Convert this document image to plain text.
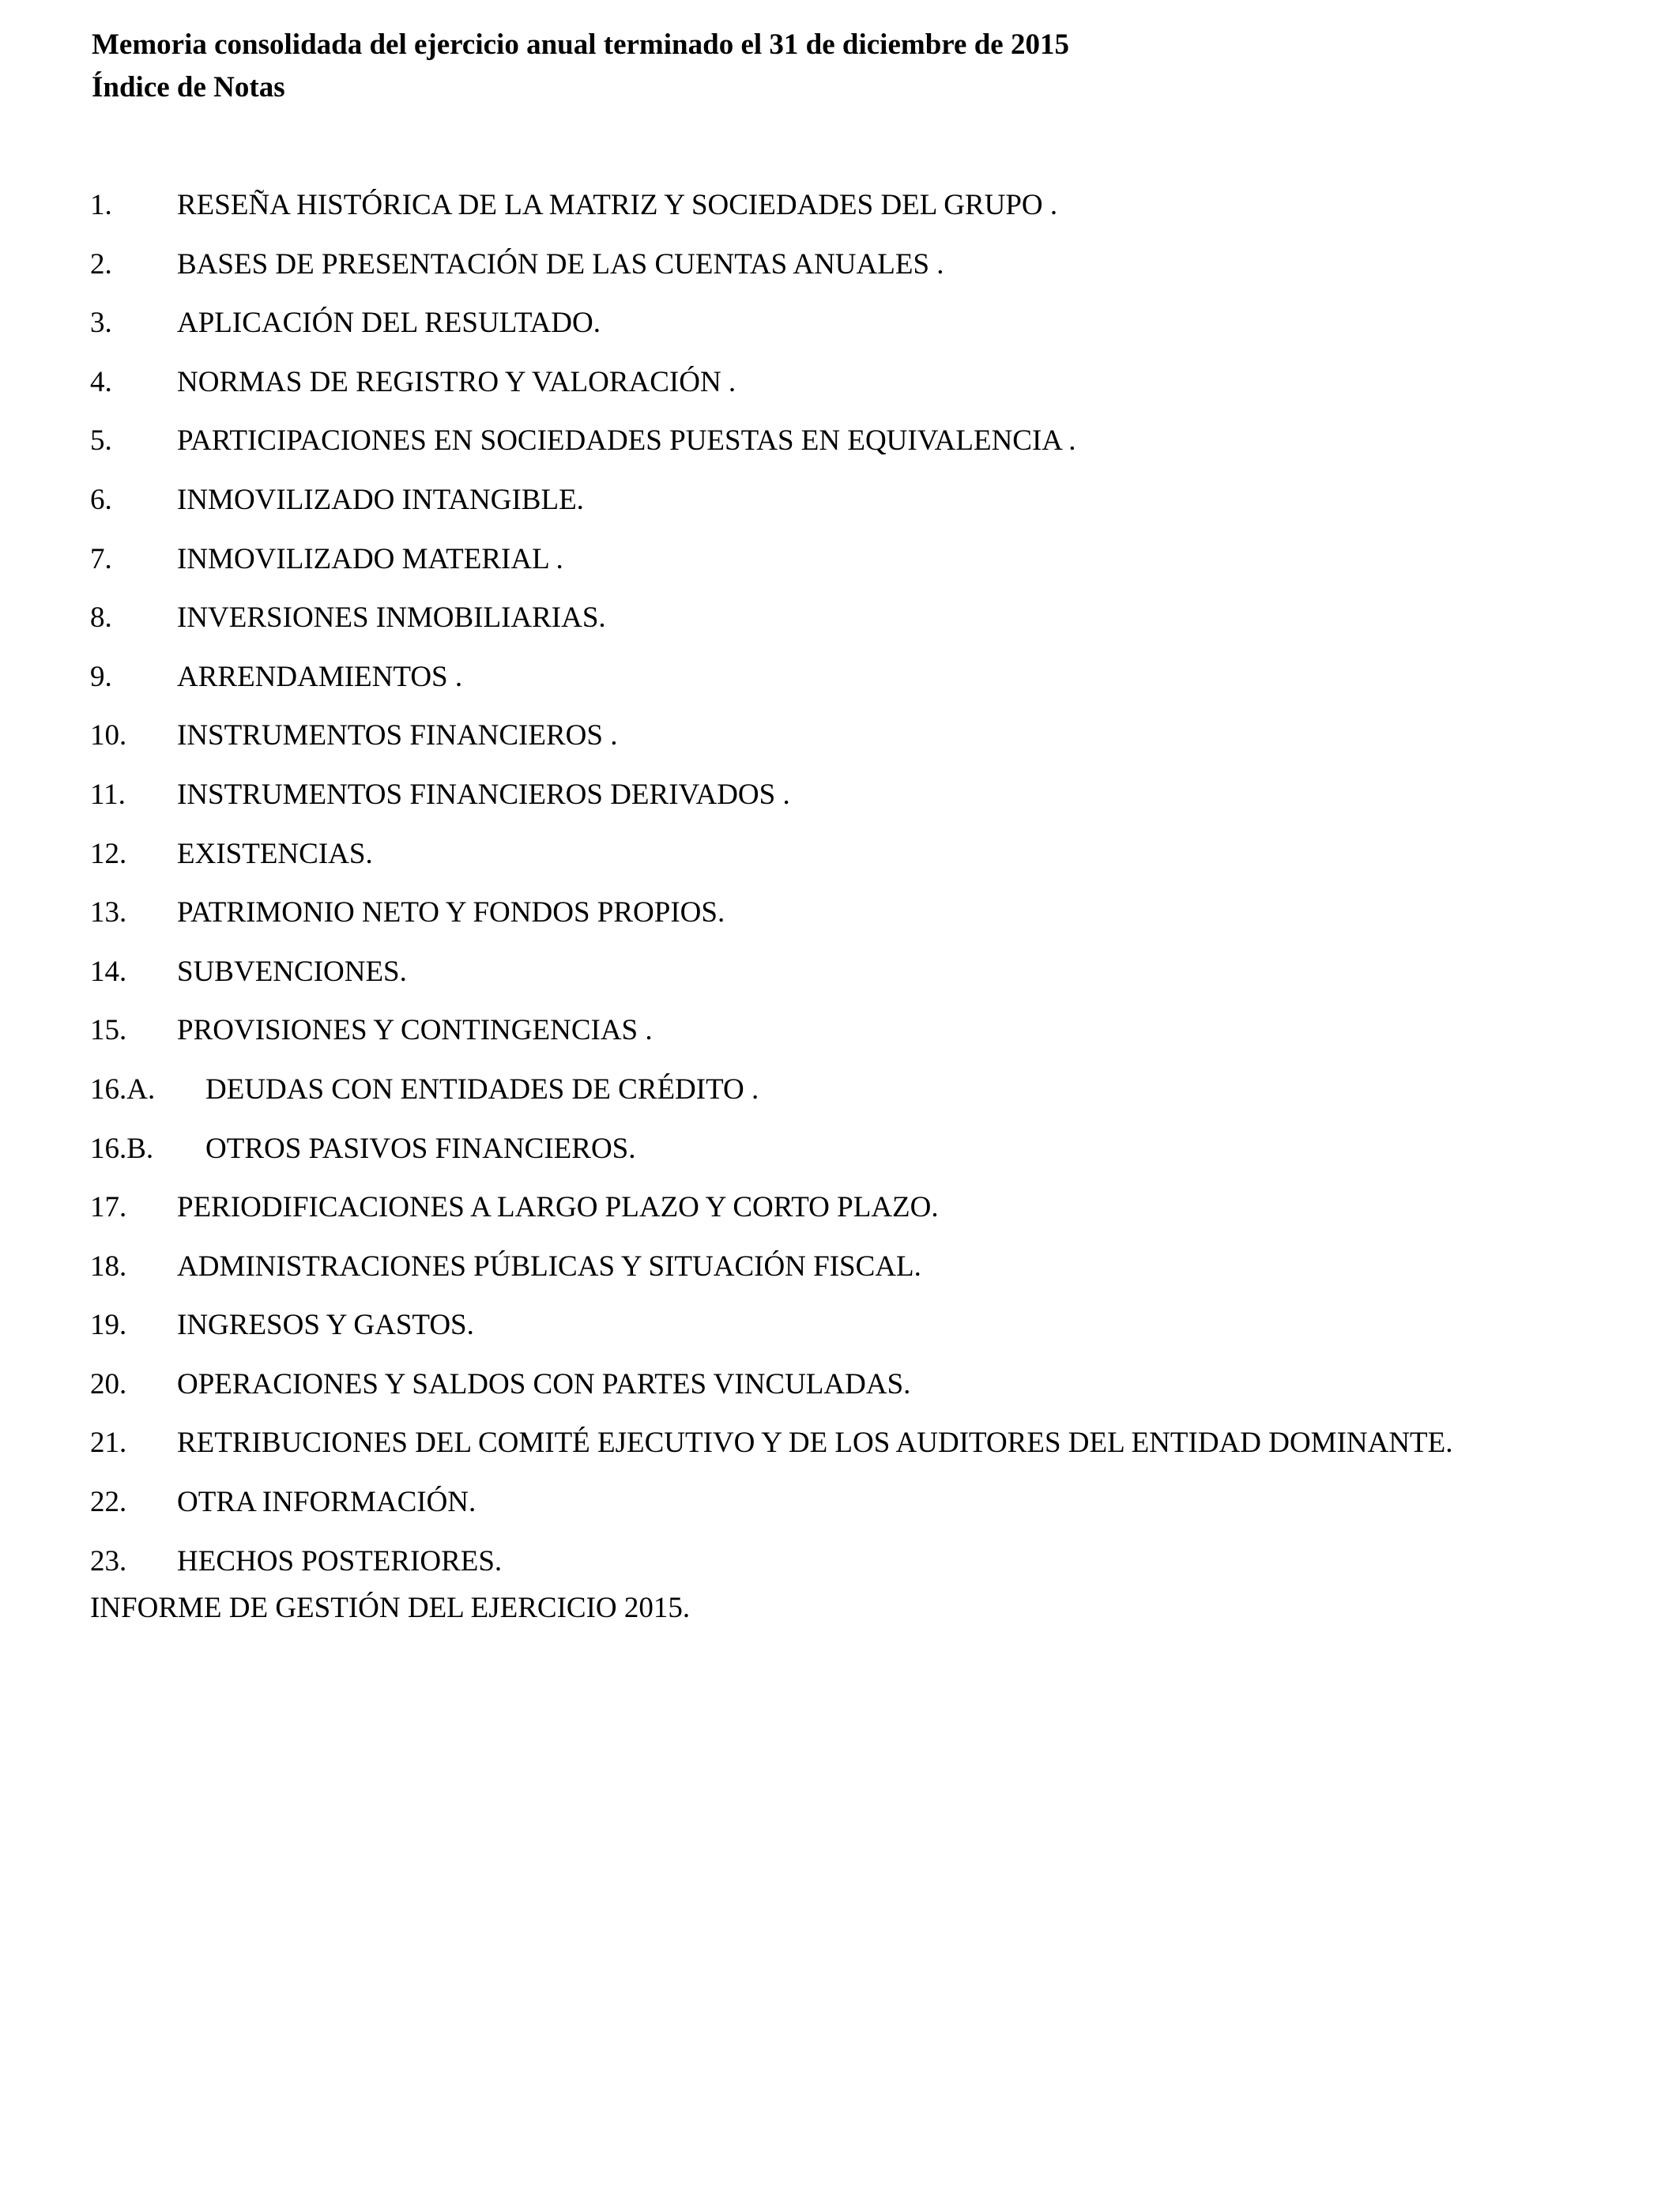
Memoria consolidada del ejercicio anual terminado el 31 de diciembre de 2015
Índice de Notas
1. RESEÑA HISTÓRICA DE LA MATRIZ Y SOCIEDADES DEL GRUPO .
2. BASES DE PRESENTACIÓN DE LAS CUENTAS ANUALES .
3. APLICACIÓN DEL RESULTADO.
4. NORMAS DE REGISTRO Y VALORACIÓN .
5. PARTICIPACIONES EN SOCIEDADES PUESTAS EN EQUIVALENCIA .
6. INMOVILIZADO INTANGIBLE.
7. INMOVILIZADO MATERIAL .
8. INVERSIONES INMOBILIARIAS.
9. ARRENDAMIENTOS .
10. INSTRUMENTOS FINANCIEROS .
11. INSTRUMENTOS FINANCIEROS DERIVADOS .
12. EXISTENCIAS.
13. PATRIMONIO NETO Y FONDOS PROPIOS.
14. SUBVENCIONES.
15. PROVISIONES Y CONTINGENCIAS .
16.A. DEUDAS CON ENTIDADES DE CRÉDITO .
16.B. OTROS PASIVOS FINANCIEROS.
17. PERIODIFICACIONES A LARGO PLAZO Y CORTO PLAZO.
18. ADMINISTRACIONES PÚBLICAS Y SITUACIÓN FISCAL.
19. INGRESOS Y GASTOS.
20. OPERACIONES Y SALDOS CON PARTES VINCULADAS.
21. RETRIBUCIONES DEL COMITÉ EJECUTIVO Y DE LOS AUDITORES DEL ENTIDAD DOMINANTE.
22. OTRA INFORMACIÓN.
23. HECHOS POSTERIORES.
INFORME DE GESTIÓN DEL EJERCICIO 2015.
